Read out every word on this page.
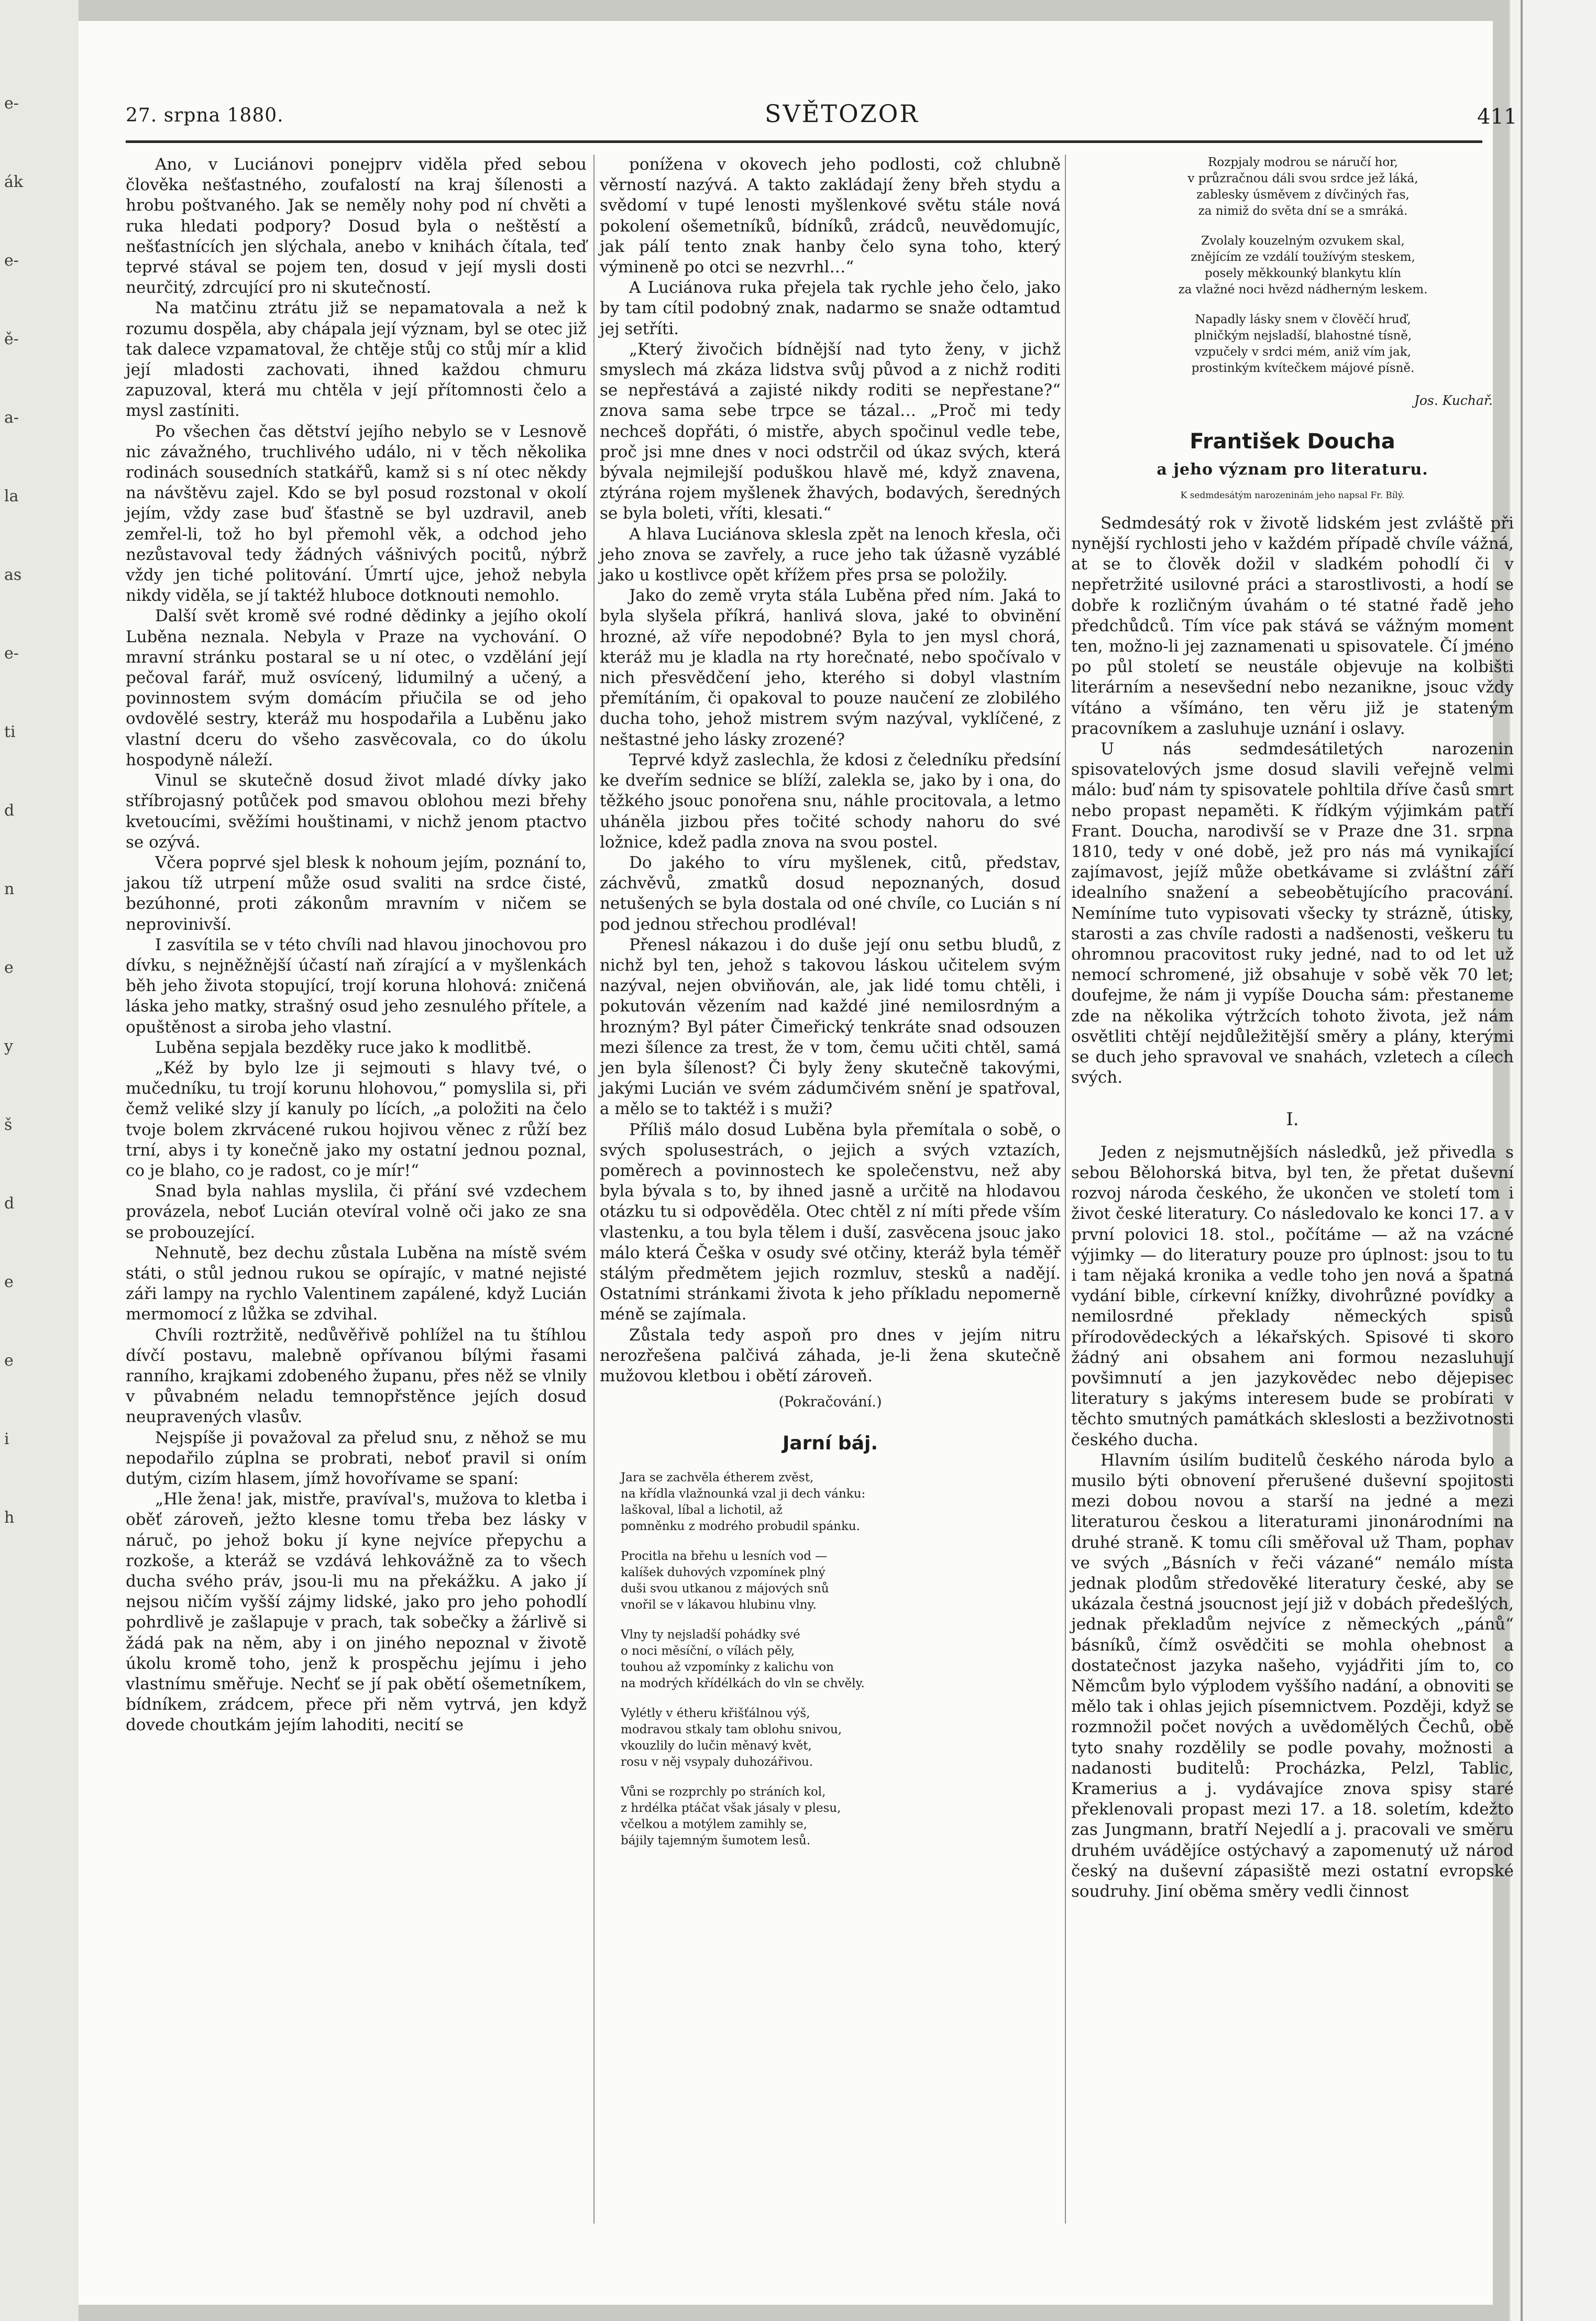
e-
ák
e-
ě-
a-
la
as
e-
ti
d
n
e
y
š
d
e
e
i
h
27. srpna 1880.	SVĚTOZOR	411

Ano, v Luciánovi ponejprv viděla před sebou člověka nešťastného, zoufalostí na kraj šílenosti a hrobu poštvaného. Jak se neměly nohy pod ní chvěti a ruka hledati podpory? Dosud byla o neštěstí a nešťastnících jen slýchala, anebo v knihách čítala, teď teprvé stával se pojem ten, dosud v její mysli dosti neurčitý, zdrcující pro ni skutečností.

Na matčinu ztrátu již se nepamatovala a než k rozumu dospěla, aby chápala její význam, byl se otec již tak dalece vzpamatoval, že chtěje stůj co stůj mír a klid její mladosti zachovati, ihned každou chmuru zapuzoval, která mu chtěla v její přítomnosti čelo a mysl zastíniti.

Po všechen čas dětství jejího nebylo se v Lesnově nic závažného, truchlivého událo, ni v těch několika rodinách sousedních statkářů, kamž si s ní otec někdy na návštěvu zajel. Kdo se byl posud rozstonal v okolí jejím, vždy zase buď šťastně se byl uzdravil, aneb zemřel-li, tož ho byl přemohl věk, a odchod jeho nezůstavoval tedy žádných vášnivých pocitů, nýbrž vždy jen tiché politování. Úmrtí ujce, jehož nebyla nikdy viděla, se jí taktéž hluboce dotknouti nemohlo.

Další svět kromě své rodné dědinky a jejího okolí Luběna neznala. Nebyla v Praze na vychování. O mravní stránku postaral se u ní otec, o vzdělání její pečoval farář, muž osvícený, lidumilný a učený, a povinnostem svým domácím přiučila se od jeho ovdovělé sestry, kteráž mu hospodařila a Luběnu jako vlastní dceru do všeho zasvěcovala, co do úkolu hospodyně náleží.

Vinul se skutečně dosud život mladé dívky jako stříbrojasný potůček pod smavou oblohou mezi břehy kvetoucími, svěžími houštinami, v nichž jenom ptactvo se ozývá.

Včera poprvé sjel blesk k nohoum jejím, poznání to, jakou tíž utrpení může osud svaliti na srdce čisté, bezúhonné, proti zákonům mravním v ničem se neprovinivší.

I zasvítila se v této chvíli nad hlavou jinochovou pro dívku, s nejněžnější účastí naň zírající a v myšlenkách běh jeho života stopující, trojí koruna hlohová: zničená láska jeho matky, strašný osud jeho zesnulého přítele, a opuštěnost a siroba jeho vlastní.

Luběna sepjala bezděky ruce jako k modlitbě.

„Kéž by bylo lze ji sejmouti s hlavy tvé, o mučedníku, tu trojí korunu hlohovou,“ pomyslila si, při čemž veliké slzy jí kanuly po lících, „a položiti na čelo tvoje bolem zkrvácené rukou hojivou věnec z růží bez trní, abys i ty konečně jako my ostatní jednou poznal, co je blaho, co je radost, co je mír!“

Snad byla nahlas myslila, či přání své vzdechem provázela, neboť Lucián otevíral volně oči jako ze sna se probouzející.

Nehnutě, bez dechu zůstala Luběna na místě svém státi, o stůl jednou rukou se opírajíc, v matné nejisté záři lampy na rychlo Valentinem zapálené, když Lucián mermomocí z lůžka se zdvihal.

Chvíli roztržitě, nedůvěřivě pohlížel na tu štíhlou dívčí postavu, malebně opřívanou bílými řasami ranního, krajkami zdobeného županu, přes něž se vlnily v půvabném neladu temnopřstěnce jejích dosud neupravených vlasův.

Nejspíše ji považoval za přelud snu, z něhož se mu nepodařilo zúplna se probrati, neboť pravil si oním dutým, cizím hlasem, jímž hovořívame se spaní:

„Hle žena! jak, mistře, pravíval's, mužova to kletba i oběť zároveň, ježto klesne tomu třeba bez lásky v náruč, po jehož boku jí kyne nejvíce přepychu a rozkoše, a kteráž se vzdává lehkovážně za to všech ducha svého práv, jsou-li mu na překážku. A jako jí nejsou ničím vyšší zájmy lidské, jako pro jeho pohodlí pohrdlivě je zašlapuje v prach, tak sobečky a žárlivě si žádá pak na něm, aby i on jiného nepoznal v životě úkolu kromě toho, jenž k prospěchu jejímu i jeho vlastnímu směřuje. Nechť se jí pak obětí ošemetníkem, bídníkem, zrádcem, přece při něm vytrvá, jen když dovede choutkám jejím lahoditi, necití se

ponížena v okovech jeho podlosti, což chlubně věrností nazývá. A takto zakládají ženy břeh stydu a svědomí v tupé lenosti myšlenkové světu stále nová pokolení ošemetníků, bídníků, zrádců, neuvědomujíc, jak pálí tento znak hanby čelo syna toho, který výmineně po otci se nezvrhl…“

A Luciánova ruka přejela tak rychle jeho čelo, jako by tam cítil podobný znak, nadarmo se snaže odtamtud jej setříti.

„Který živočich bídnější nad tyto ženy, v jichž smyslech má zkáza lidstva svůj původ a z nichž roditi se nepřestává a zajisté nikdy roditi se nepřestane?“ znova sama sebe trpce se tázal… „Proč mi tedy nechceš dopřáti, ó mistře, abych spočinul vedle tebe, proč jsi mne dnes v noci odstrčil od úkaz svých, která bývala nejmilejší poduškou hlavě mé, když znavena, ztýrána rojem myšlenek žhavých, bodavých, šeredných se byla boleti, vříti, klesati.“

A hlava Luciánova sklesla zpět na lenoch křesla, oči jeho znova se zavřely, a ruce jeho tak úžasně vyzáblé jako u kostlivce opět křížem přes prsa se položily.

Jako do země vryta stála Luběna před ním. Jaká to byla slyšela příkrá, hanlivá slova, jaké to obvinění hrozné, až víře nepodobné? Byla to jen mysl chorá, kteráž mu je kladla na rty horečnaté, nebo spočívalo v nich přesvědčení jeho, kterého si dobyl vlastním přemítáním, či opakoval to pouze naučení ze zlobilého ducha toho, jehož mistrem svým nazýval, vyklíčené, z neštastné jeho lásky zrozené?

Teprvé když zaslechla, že kdosi z čeledníku předsíní ke dveřím sednice se blíží, zalekla se, jako by i ona, do těžkého jsouc ponořena snu, náhle procitovala, a letmo uháněla jizbou přes točité schody nahoru do své ložnice, kdež padla znova na svou postel.

Do jakého to víru myšlenek, citů, představ, záchvěvů, zmatků dosud nepoznaných, dosud netušených se byla dostala od oné chvíle, co Lucián s ní pod jednou střechou prodléval!

Přenesl nákazou i do duše její onu setbu bludů, z nichž byl ten, jehož s takovou láskou učitelem svým nazýval, nejen obviňován, ale, jak lidé tomu chtěli, i pokutován vězením nad každé jiné nemilosrdným a hrozným? Byl páter Čimeřický tenkráte snad odsouzen mezi šílence za trest, že v tom, čemu učiti chtěl, samá jen byla šílenost? Či byly ženy skutečně takovými, jakými Lucián ve svém zádumčivém snění je spatřoval, a mělo se to taktéž i s muži?

Příliš málo dosud Luběna byla přemítala o sobě, o svých spolusestrách, o jejich a svých vztazích, poměrech a povinnostech ke společenstvu, než aby byla bývala s to, by ihned jasně a určitě na hlodavou otázku tu si odpověděla. Otec chtěl z ní míti přede vším vlastenku, a tou byla tělem i duší, zasvěcena jsouc jako málo která Češka v osudy své otčiny, kteráž byla téměř stálým předmětem jejich rozmluv, stesků a nadějí. Ostatními stránkami života k jeho příkladu nepomerně méně se zajímala.

Zůstala tedy aspoň pro dnes v jejím nitru nerozřešena palčivá záhada, je-li žena skutečně mužovou kletbou i obětí zároveň.

(Pokračování.)
Jarní báj.
Jara se zachvěla étherem zvěst,
na křídla vlažnounká vzal ji dech vánku:
laškoval, líbal a lichotil, až
pomněnku z modrého probudil spánku.
Procitla na břehu u lesních vod —
kalíšek duhových vzpomínek plný
duši svou utkanou z májových snů
vnořil se v lákavou hlubinu vlny.
Vlny ty nejsladší pohádky své
o noci měsíční, o vílách pěly,
touhou až vzpomínky z kalichu von
na modrých křídélkách do vln se chvěly.
Vylétly v étheru křišťálnou výš,
modravou stkaly tam oblohu snivou,
vkouzlily do lučin měnavý květ,
rosu v něj vsypaly duhozářivou.
Vůni se rozprchly po stráních kol,
z hrdélka ptáčat však jásaly v plesu,
včelkou a motýlem zamihly se,
bájily tajemným šumotem lesů.
Rozpjaly modrou se náručí hor,
v průzračnou dáli svou srdce jež láká,
zablesky úsměvem z dívčiných řas,
za nimiž do světa dní se a smráká.
Zvolaly kouzelným ozvukem skal,
znějícím ze vzdálí toužívým steskem,
posely měkkounký blankytu klín
za vlažné noci hvězd nádherným leskem.
Napadly lásky snem v člověčí hruď,
plničkým nejsladší, blahostné tísně,
vzpučely v srdci mém, aniž vím jak,
prostinkým kvítečkem májové písně.
Jos. Kuchař.
František Doucha
a jeho význam pro literaturu.
K sedmdesátým narozeninám jeho napsal Fr. Bílý.

Sedmdesátý rok v životě lidském jest zvláště při nynější rychlosti jeho v každém případě chvíle vážná, at se to člověk dožil v sladkém pohodlí či v nepřetržité usilovné práci a starostlivosti, a hodí se dobře k rozličným úvahám o té statné řadě jeho předchůdců. Tím více pak stává se vážným moment ten, možno-li jej zaznamenati u spisovatele. Čí jméno po půl století se neustále objevuje na kolbišti literárním a nesevšední nebo nezanikne, jsouc vždy vítáno a všímáno, ten věru již je stateným pracovníkem a zasluhuje uznání i oslavy.

U nás sedmdesátiletých narozenin spisovatelových jsme dosud slavili veřejně velmi málo: buď nám ty spisovatele pohltila dříve časů smrt nebo propast nepaměti. K řídkým výjimkám patří Frant. Doucha, narodivší se v Praze dne 31. srpna 1810, tedy v oné době, jež pro nás má vynikající zajímavost, jejíž může obetkávame si zvláštní září idealního snažení a sebeobětujícího pracování. Nemíníme tuto vypisovati všecky ty strázně, útisky, starosti a zas chvíle radosti a nadšenosti, veškeru tu ohromnou pracovitost ruky jedné, nad to od let už nemocí schromené, již obsahuje v sobě věk 70 let; doufejme, že nám ji vypíše Doucha sám: přestaneme zde na několika výtržcích tohoto života, jež nám osvětliti chtějí nejdůležitější směry a plány, kterými se duch jeho spravoval ve snahách, vzletech a cílech svých.

I.

Jeden z nejsmutnějších následků, jež přivedla s sebou Bělohorská bitva, byl ten, že přetat duševní rozvoj národa českého, že ukončen ve století tom i život české literatury. Co následovalo ke konci 17. a v první polovici 18. stol., počítáme — až na vzácné výjimky — do literatury pouze pro úplnost: jsou to tu i tam nějaká kronika a vedle toho jen nová a špatná vydání bible, církevní knížky, divohrůzné povídky a nemilosrdné překlady německých spisů přírodovědeckých a lékařských. Spisové ti skoro žádný ani obsahem ani formou nezasluhují povšimnutí a jen jazykovědec nebo dějepisec literatury s jakýms interesem bude se probírati v těchto smutných památkách skleslosti a bezživotnosti českého ducha.

Hlavním úsilím buditelů českého národa bylo a musilo býti obnovení přerušené duševní spojitosti mezi dobou novou a starší na jedné a mezi literaturou českou a literaturami jinonárodními na druhé straně. K tomu cíli směřoval už Tham, pophav ve svých „Básních v řeči vázané“ nemálo místa jednak plodům středověké literatury české, aby se ukázala čestná jsoucnost její již v dobách předešlých, jednak překladům nejvíce z německých „pánů“ básníků, čímž osvědčiti se mohla ohebnost a dostatečnost jazyka našeho, vyjádřiti jím to, co Němcům bylo výplodem vyššího nadání, a obnoviti se mělo tak i ohlas jejich písemnictvem. Později, když se rozmnožil počet nových a uvědomělých Čechů, obě tyto snahy rozdělily se podle povahy, možnosti a nadanosti buditelů: Procházka, Pelzl, Tablic, Kramerius a j. vydávajíce znova spisy staré překlenovali propast mezi 17. a 18. soletím, kdežto zas Jungmann, bratří Nejedlí a j. pracovali ve směru druhém uvádějíce ostýchavý a zapomenutý už národ český na duševní zápasiště mezi ostatní evropské soudruhy. Jiní oběma směry vedli činnost
